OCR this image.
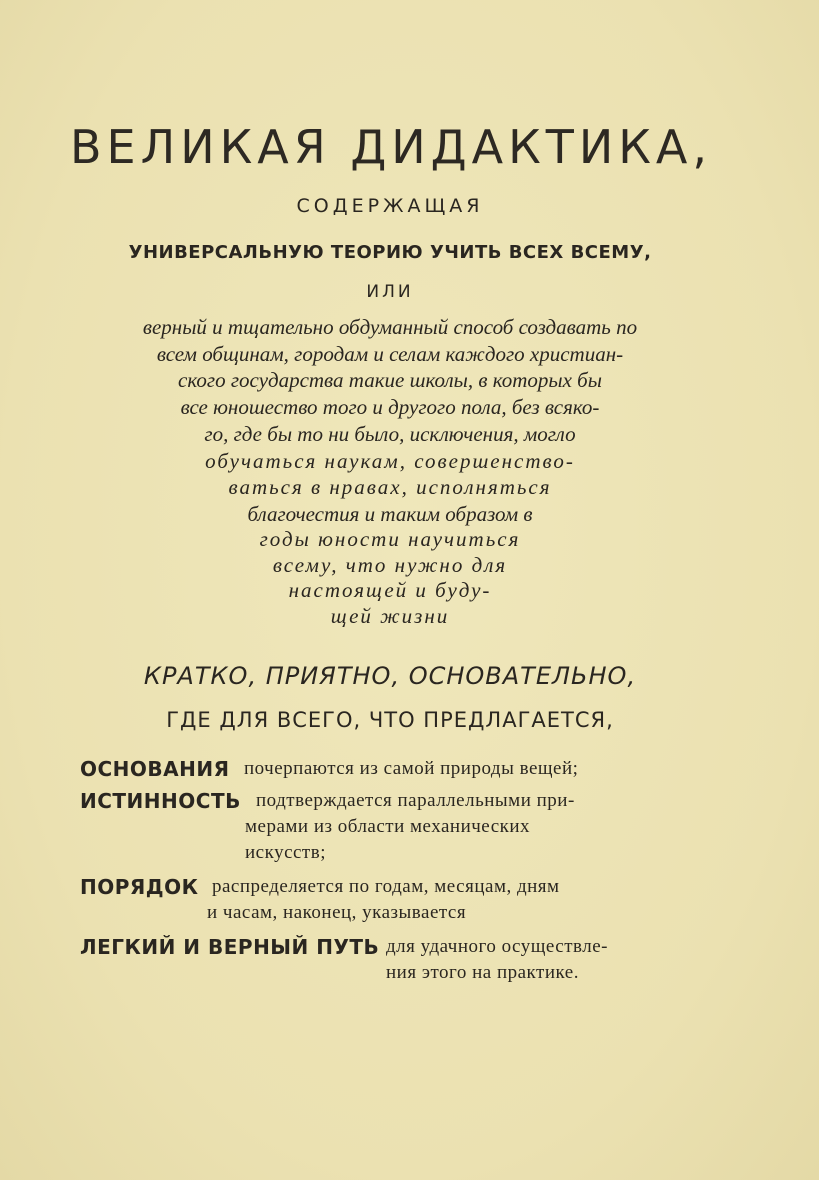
ВЕЛИКАЯ ДИДАКТИКА,
СОДЕРЖАЩАЯ
УНИВЕРСАЛЬНУЮ ТЕОРИЮ УЧИТЬ ВСЕХ ВСЕМУ,
ИЛИ
верный и тщательно обдуманный способ создавать по
всем общинам, городам и селам каждого христиан-
ского государства такие школы, в которых бы
все юношество того и другого пола, без всяко-
го, где бы то ни было, исключения, могло
обучаться наукам, совершенство-
ваться в нравах, исполняться
благочестия и таким образом в
годы юности научиться
всему, что нужно для
настоящей и буду-
щей жизни
КРАТКО, ПРИЯТНО, ОСНОВАТЕЛЬНО,
ГДЕ ДЛЯ ВСЕГО, ЧТО ПРЕДЛАГАЕТСЯ,
ОСНОВАНИЯ почерпаются из самой природы вещей;
ИСТИННОСТЬ подтверждается параллельными при-
мерами из области механических
искусств;
ПОРЯДОК распределяется по годам, месяцам, дням
и часам, наконец, указывается
ЛЕГКИЙ И ВЕРНЫЙ ПУТЬ для удачного осуществле-
ния этого на практике.
